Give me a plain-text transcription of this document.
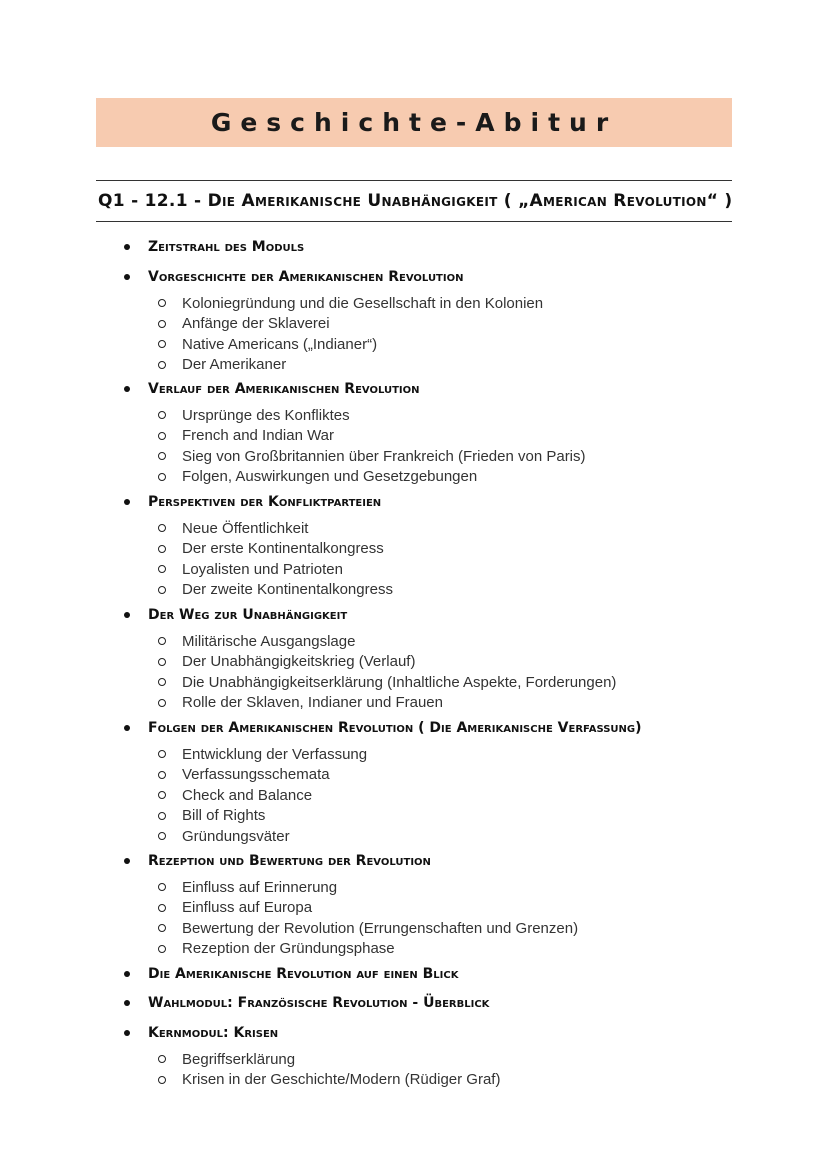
Geschichte-Abitur
Q1 - 12.1 - Die Amerikanische Unabhängigkeit ( „American Revolution“ )
Zeitstrahl des Moduls
Vorgeschichte der Amerikanischen Revolution
Koloniegründung und die Gesellschaft in den Kolonien
Anfänge der Sklaverei
Native Americans („Indianer“)
Der Amerikaner
Verlauf der Amerikanischen Revolution
Ursprünge des Konfliktes
French and Indian War
Sieg von Großbritannien über Frankreich (Frieden von Paris)
Folgen, Auswirkungen und Gesetzgebungen
Perspektiven der Konfliktparteien
Neue Öffentlichkeit
Der erste Kontinentalkongress
Loyalisten und Patrioten
Der zweite Kontinentalkongress
Der Weg zur Unabhängigkeit
Militärische Ausgangslage
Der Unabhängigkeitskrieg (Verlauf)
Die Unabhängigkeitserklärung (Inhaltliche Aspekte, Forderungen)
Rolle der Sklaven, Indianer und Frauen
Folgen der Amerikanischen Revolution ( Die Amerikanische Verfassung)
Entwicklung der Verfassung
Verfassungsschemata
Check and Balance
Bill of Rights
Gründungsväter
Rezeption und Bewertung der Revolution
Einfluss auf Erinnerung
Einfluss auf Europa
Bewertung der Revolution (Errungenschaften und Grenzen)
Rezeption der Gründungsphase
Die Amerikanische Revolution auf einen Blick
Wahlmodul: Französische Revolution - Überblick
Kernmodul: Krisen
Begriffserklärung
Krisen in der Geschichte/Modern (Rüdiger Graf)
